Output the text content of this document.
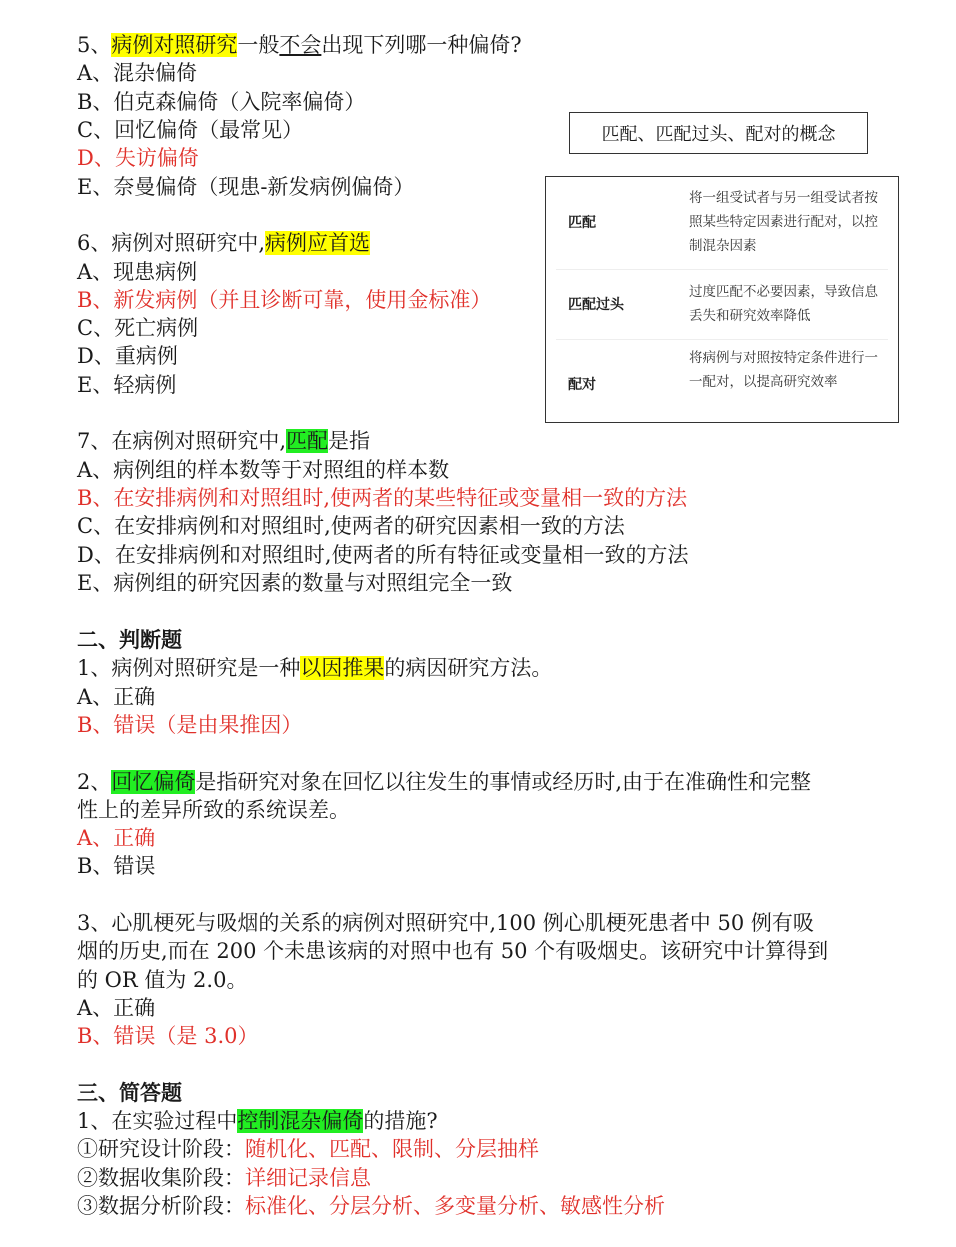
5、病例对照研究一般不会出现下列哪一种偏倚?
A、混杂偏倚
B、伯克森偏倚（入院率偏倚）
C、回忆偏倚（最常见）
D、失访偏倚
E、奈曼偏倚（现患-新发病例偏倚）
6、病例对照研究中,病例应首选
A、现患病例
B、新发病例（并且诊断可靠，使用金标准）
C、死亡病例
D、重病例
E、轻病例
7、在病例对照研究中,匹配是指
A、病例组的样本数等于对照组的样本数
B、在安排病例和对照组时,使两者的某些特征或变量相一致的方法
C、在安排病例和对照组时,使两者的研究因素相一致的方法
D、在安排病例和对照组时,使两者的所有特征或变量相一致的方法
E、病例组的研究因素的数量与对照组完全一致
匹配、匹配过头、配对的概念
匹配
将一组受试者与另一组受试者按照某些特定因素进行配对，以控制混杂因素
匹配过头
过度匹配不必要因素，导致信息丢失和研究效率降低
配对
将病例与对照按特定条件进行一一配对，以提高研究效率
二、判断题
1、病例对照研究是一种以因推果的病因研究方法。
A、正确
B、错误（是由果推因）
2、回忆偏倚是指研究对象在回忆以往发生的事情或经历时,由于在准确性和完整
性上的差异所致的系统误差。
A、正确
B、错误
3、心肌梗死与吸烟的关系的病例对照研究中,100 例心肌梗死患者中 50 例有吸
烟的历史,而在 200 个未患该病的对照中也有 50 个有吸烟史。该研究中计算得到
的 OR 值为 2.0。
A、正确
B、错误（是 3.0）
三、简答题
1、在实验过程中控制混杂偏倚的措施?
①研究设计阶段：随机化、匹配、限制、分层抽样
②数据收集阶段：详细记录信息
③数据分析阶段：标准化、分层分析、多变量分析、敏感性分析
